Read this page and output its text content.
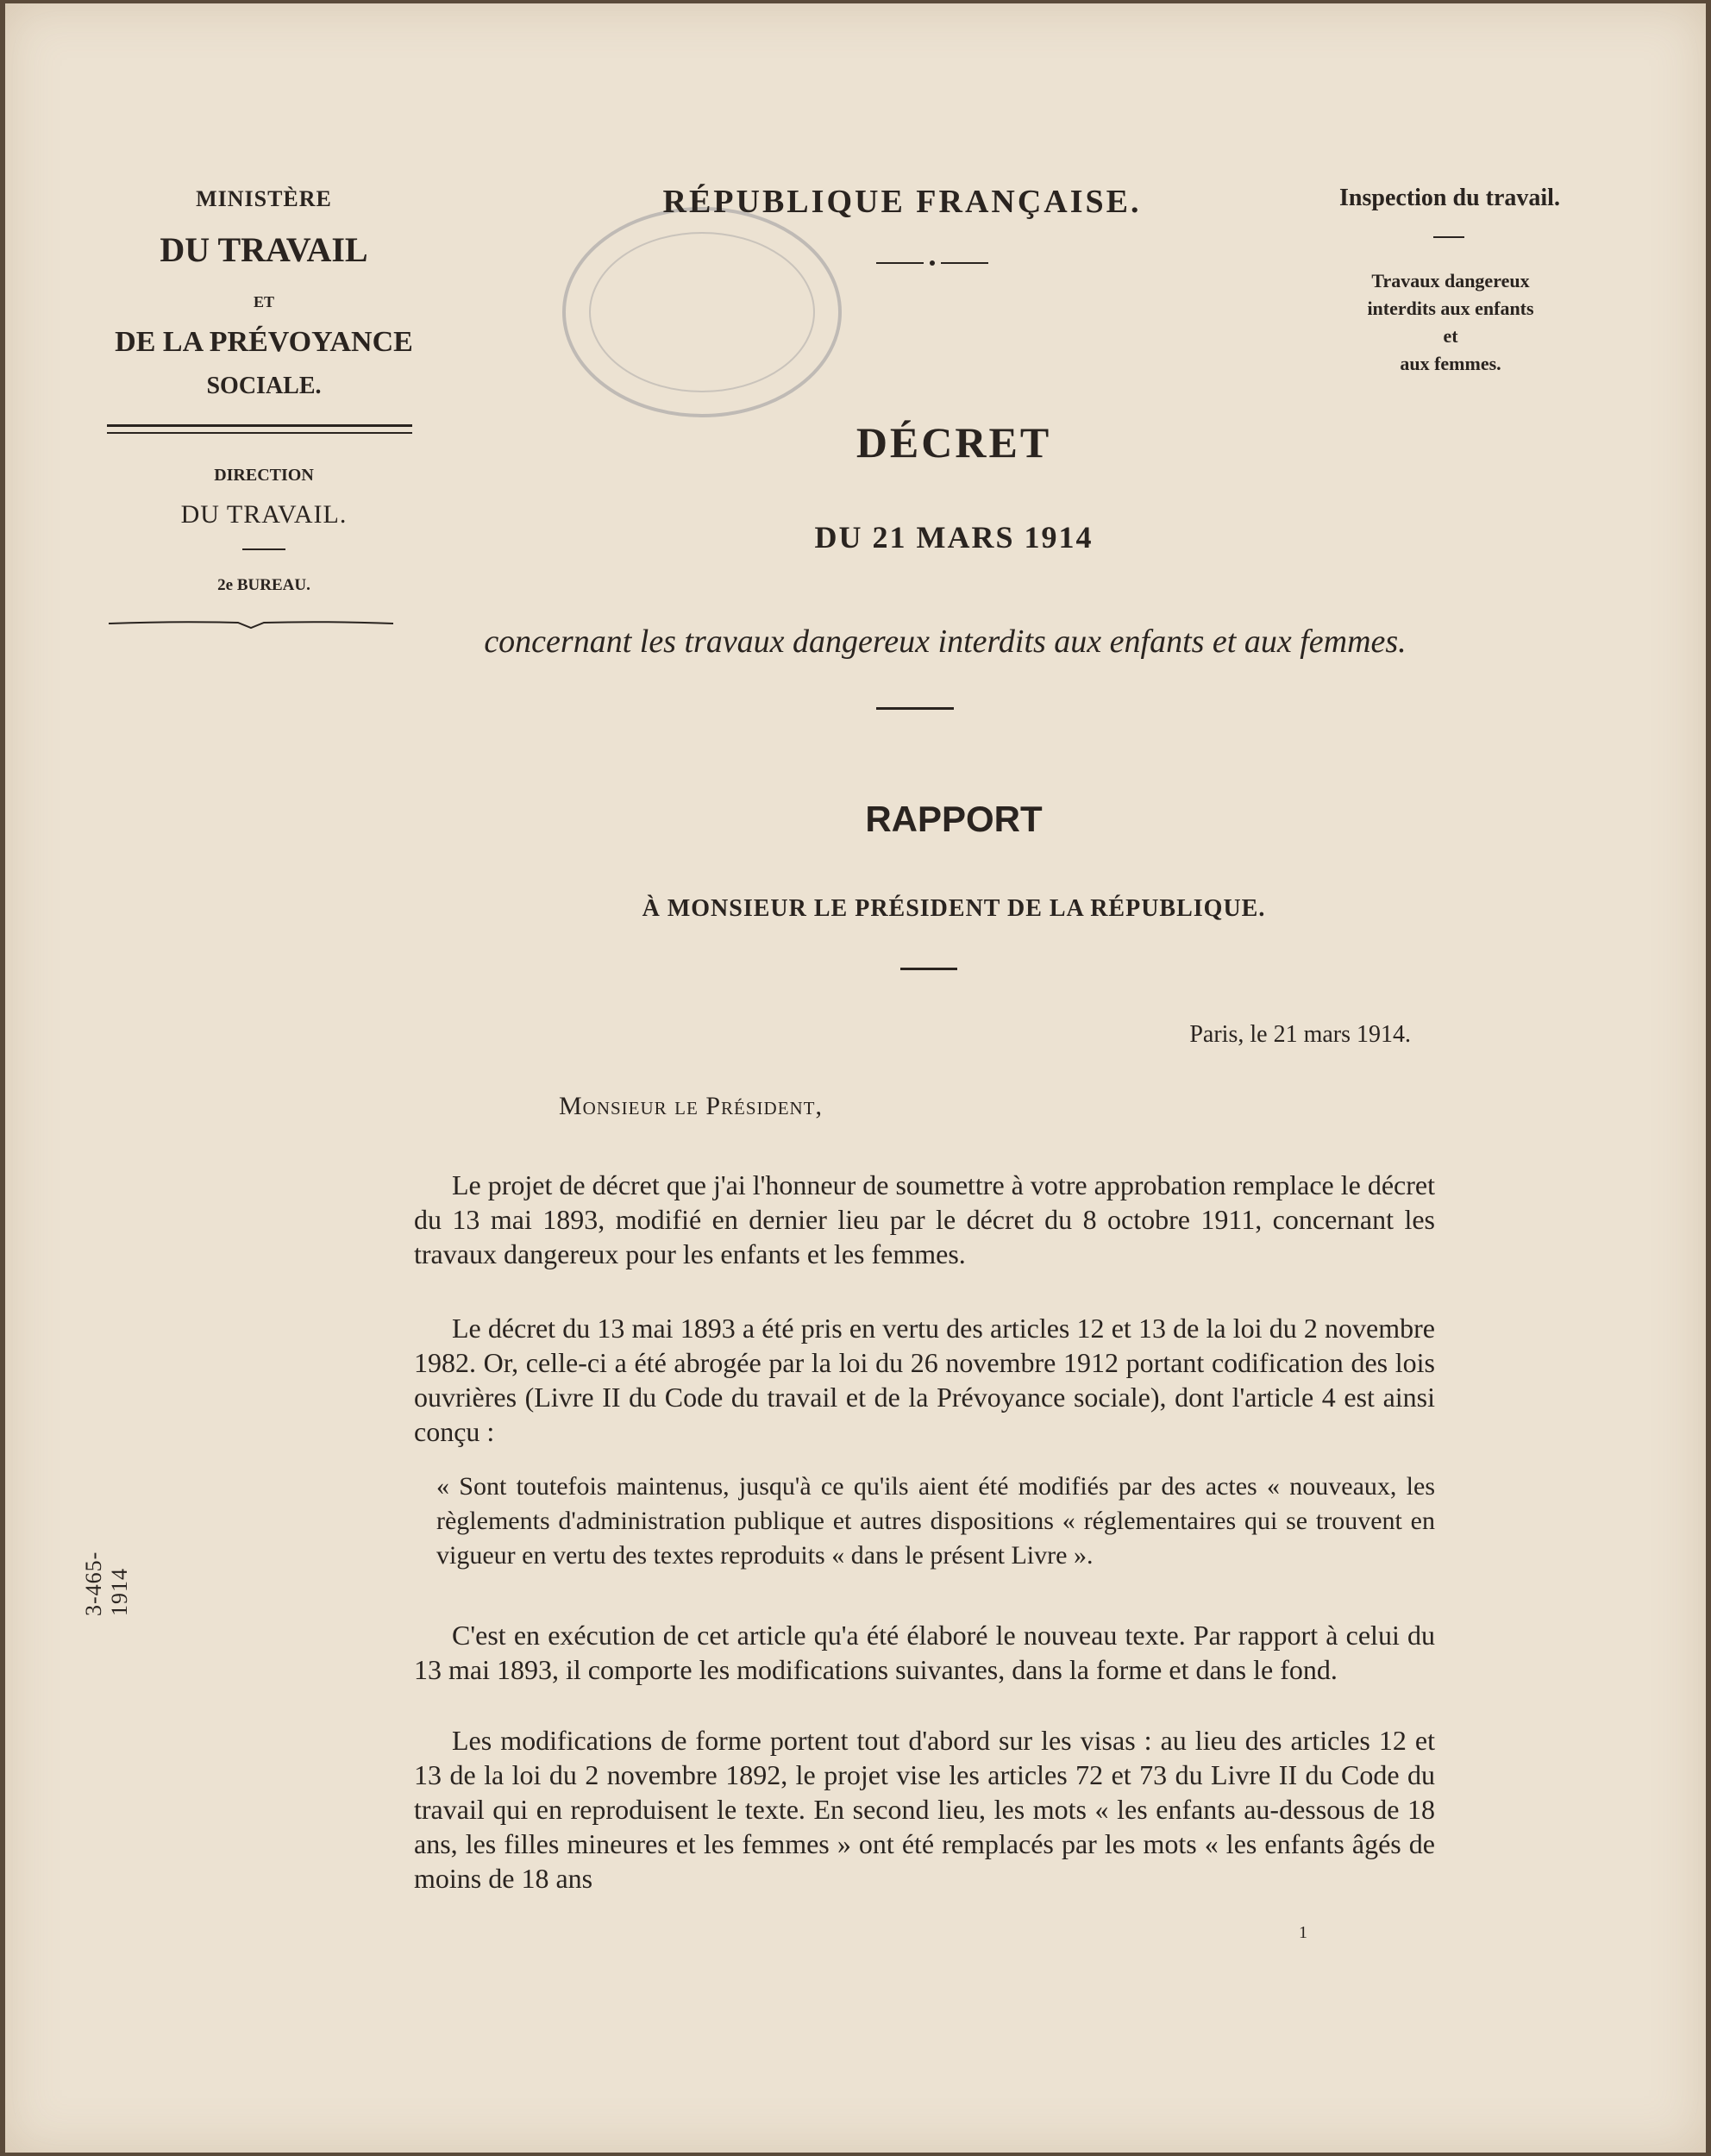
MINISTÈRE
DU TRAVAIL
ET
DE LA PRÉVOYANCE
SOCIALE.
DIRECTION
DU TRAVAIL.
2e BUREAU.
Inspection du travail.
Travaux dangereux
interdits aux enfants
et
aux femmes.
RÉPUBLIQUE FRANÇAISE.
DÉCRET
DU 21 MARS 1914
concernant les travaux dangereux interdits aux enfants et aux femmes.
RAPPORT
À MONSIEUR LE PRÉSIDENT DE LA RÉPUBLIQUE.
Paris, le 21 mars 1914.
Monsieur le Président,
Le projet de décret que j'ai l'honneur de soumettre à votre approbation remplace le décret du 13 mai 1893, modifié en dernier lieu par le décret du 8 octobre 1911, concernant les travaux dangereux pour les enfants et les femmes.
Le décret du 13 mai 1893 a été pris en vertu des articles 12 et 13 de la loi du 2 novembre 1982. Or, celle-ci a été abrogée par la loi du 26 novembre 1912 portant codification des lois ouvrières (Livre II du Code du travail et de la Prévoyance sociale), dont l'article 4 est ainsi conçu :
« Sont toutefois maintenus, jusqu'à ce qu'ils aient été modifiés par des actes « nouveaux, les règlements d'administration publique et autres dispositions « réglementaires qui se trouvent en vigueur en vertu des textes reproduits « dans le présent Livre ».
C'est en exécution de cet article qu'a été élaboré le nouveau texte. Par rapport à celui du 13 mai 1893, il comporte les modifications suivantes, dans la forme et dans le fond.
Les modifications de forme portent tout d'abord sur les visas : au lieu des articles 12 et 13 de la loi du 2 novembre 1892, le projet vise les articles 72 et 73 du Livre II du Code du travail qui en reproduisent le texte. En second lieu, les mots « les enfants au-dessous de 18 ans, les filles mineures et les femmes » ont été remplacés par les mots « les enfants âgés de moins de 18 ans
1
3-465-1914
